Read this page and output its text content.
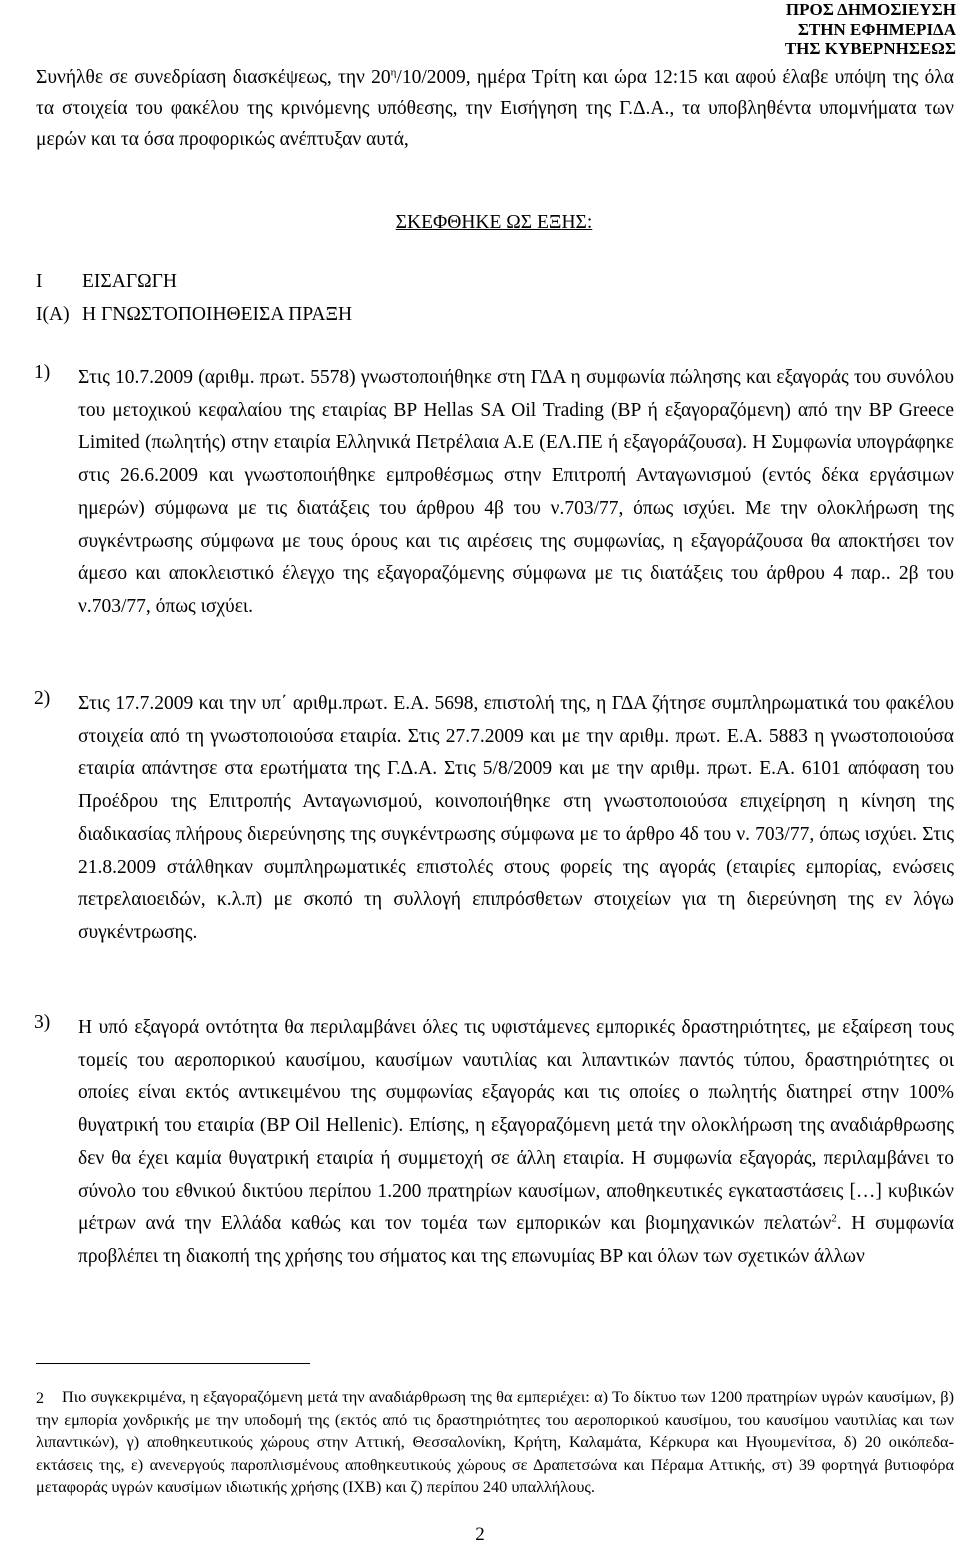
ΠΡΟΣ ΔΗΜΟΣΙΕΥΣΗ
ΣΤΗΝ ΕΦΗΜΕΡΙΔΑ
ΤΗΣ ΚΥΒΕΡΝΗΣΕΩΣ

Συνήλθε σε συνεδρίαση διασκέψεως, την $20^\eta/10/2009$, ημέρα Τρίτη και ώρα 12:15 και αφού έλαβε υπόψη της όλα τα στοιχεία του φακέλου της κρινόμενης υπόθεσης, την Εισήγηση της Γ.Δ.Α., τα υποβληθέντα υπομνήματα των μερών και τα όσα προφορικώς ανέπτυξαν αυτά,

ΣΚΕΦΘΗΚΕ ΩΣ ΕΞΗΣ:
Ι ΕΙΣΑΓΩΓΗ
Ι(Α) Η ΓΝΩΣΤΟΠΟΙΗΘΕΙΣΑ ΠΡΑΞΗ
1) Στις 10.7.2009 (αριθμ. πρωτ. 5578) γνωστοποιήθηκε στη ΓΔΑ η συμφωνία πώλησης και εξαγοράς του συνόλου του μετοχικού κεφαλαίου της εταιρίας BP Hellas SA Oil Trading (BP ή εξαγοραζόμενη) από την BP Greece Limited (πωλητής) στην εταιρία Ελληνικά Πετρέλαια Α.Ε (ΕΛ.ΠΕ ή εξαγοράζουσα). Η Συμφωνία υπογράφηκε στις 26.6.2009 και γνωστοποιήθηκε εμπροθέσμως στην Επιτροπή Ανταγωνισμού (εντός δέκα εργάσιμων ημερών) σύμφωνα με τις διατάξεις του άρθρου 4β του ν.703/77, όπως ισχύει. Με την ολοκλήρωση της συγκέντρωσης σύμφωνα με τους όρους και τις αιρέσεις της συμφωνίας, η εξαγοράζουσα θα αποκτήσει τον άμεσο και αποκλειστικό έλεγχο της εξαγοραζόμενης σύμφωνα με τις διατάξεις του άρθρου 4 παρ.. 2β του ν.703/77, όπως ισχύει.

2) Στις 17.7.2009 και την υπ΄ αριθμ.πρωτ. Ε.Α. 5698, επιστολή της, η ΓΔΑ ζήτησε συμπληρωματικά του φακέλου στοιχεία από τη γνωστοποιούσα εταιρία. Στις 27.7.2009 και με την αριθμ. πρωτ. Ε.Α. 5883 η γνωστοποιούσα εταιρία απάντησε στα ερωτήματα της Γ.Δ.Α. Στις 5/8/2009 και με την αριθμ. πρωτ. Ε.Α. 6101 απόφαση του Προέδρου της Επιτροπής Ανταγωνισμού, κοινοποιήθηκε στη γνωστοποιούσα επιχείρηση η κίνηση της διαδικασίας πλήρους διερεύνησης της συγκέντρωσης σύμφωνα με το άρθρο 4δ του ν. 703/77, όπως ισχύει. Στις 21.8.2009 στάλθηκαν συμπληρωματικές επιστολές στους φορείς της αγοράς (εταιρίες εμπορίας, ενώσεις πετρελαιοειδών, κ.λ.π) με σκοπό τη συλλογή επιπρόσθετων στοιχείων για τη διερεύνηση της εν λόγω συγκέντρωσης.

3) Η υπό εξαγορά οντότητα θα περιλαμβάνει όλες τις υφιστάμενες εμπορικές δραστηριότητες, με εξαίρεση τους τομείς του αεροπορικού καυσίμου, καυσίμων ναυτιλίας και λιπαντικών παντός τύπου, δραστηριότητες οι οποίες είναι εκτός αντικειμένου της συμφωνίας εξαγοράς και τις οποίες ο πωλητής διατηρεί στην 100% θυγατρική του εταιρία (BP Oil Hellenic). Επίσης, η εξαγοραζόμενη μετά την ολοκλήρωση της αναδιάρθρωσης δεν θα έχει καμία θυγατρική εταιρία ή συμμετοχή σε άλλη εταιρία. Η συμφωνία εξαγοράς, περιλαμβάνει το σύνολο του εθνικού δικτύου περίπου 1.200 πρατηρίων καυσίμων, αποθηκευτικές εγκαταστάσεις […] κυβικών μέτρων ανά την Ελλάδα καθώς και τον τομέα των εμπορικών και βιομηχανικών πελατών$^2$. Η συμφωνία προβλέπει τη διακοπή της χρήσης του σήματος και της επωνυμίας BP και όλων των σχετικών άλλων

2	Πιο συγκεκριμένα, η εξαγοραζόμενη μετά την αναδιάρθρωση της θα εμπεριέχει: α) Το δίκτυο των 1200 πρατηρίων υγρών καυσίμων, β) την εμπορία χονδρικής με την υποδομή της (εκτός από τις δραστηριότητες του αεροπορικού καυσίμου, του καυσίμου ναυτιλίας και των λιπαντικών), γ) αποθηκευτικούς χώρους στην Αττική, Θεσσαλονίκη, Κρήτη, Καλαμάτα, Κέρκυρα και Ηγουμενίτσα, δ) 20 οικόπεδα-εκτάσεις της, ε) ανενεργούς παροπλισμένους αποθηκευτικούς χώρους σε Δραπετσώνα και Πέραμα Αττικής, στ) 39 φορτηγά βυτιοφόρα μεταφοράς υγρών καυσίμων ιδιωτικής χρήσης (ΙΧΒ) και ζ) περίπου 240 υπαλλήλους.

2
